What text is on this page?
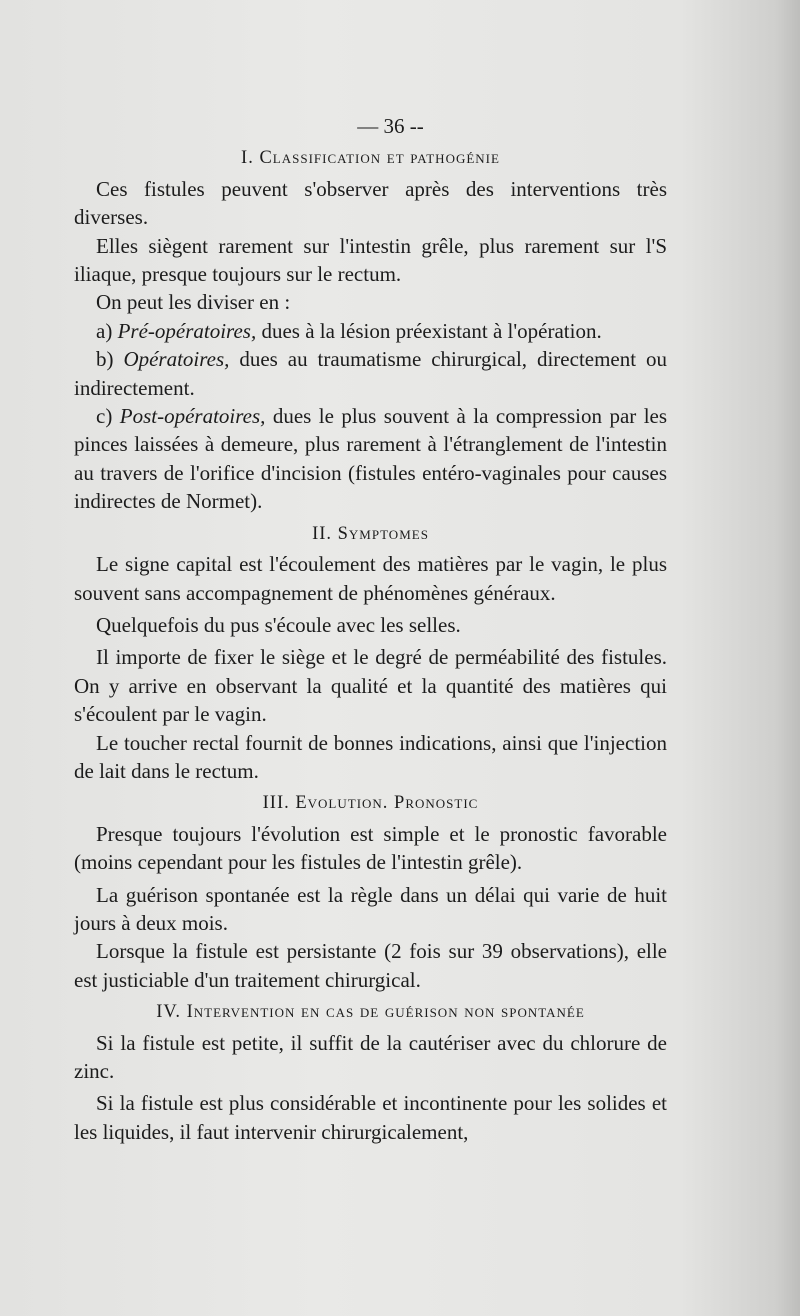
— 36 --
I. Classification et pathogénie

Ces fistules peuvent s'observer après des interventions très diverses.

Elles siègent rarement sur l'intestin grêle, plus rarement sur l'S iliaque, presque toujours sur le rectum.

On peut les diviser en :

a) Pré-opératoires, dues à la lésion préexistant à l'opération.

b) Opératoires, dues au traumatisme chirurgical, directement ou indirectement.

c) Post-opératoires, dues le plus souvent à la compression par les pinces laissées à demeure, plus rarement à l'étranglement de l'intestin au travers de l'orifice d'incision (fistules entéro-vaginales pour causes indirectes de Normet).

II. Symptomes

Le signe capital est l'écoulement des matières par le vagin, le plus souvent sans accompagnement de phénomènes généraux.

Quelquefois du pus s'écoule avec les selles.

Il importe de fixer le siège et le degré de perméabilité des fistules. On y arrive en observant la qualité et la quantité des matières qui s'écoulent par le vagin.

Le toucher rectal fournit de bonnes indications, ainsi que l'injection de lait dans le rectum.

III. Evolution. Pronostic

Presque toujours l'évolution est simple et le pronostic favorable (moins cependant pour les fistules de l'intestin grêle).

La guérison spontanée est la règle dans un délai qui varie de huit jours à deux mois.

Lorsque la fistule est persistante (2 fois sur 39 observations), elle est justiciable d'un traitement chirurgical.

IV. Intervention en cas de guérison non spontanée

Si la fistule est petite, il suffit de la cautériser avec du chlorure de zinc.

Si la fistule est plus considérable et incontinente pour les solides et les liquides, il faut intervenir chirurgicalement,
